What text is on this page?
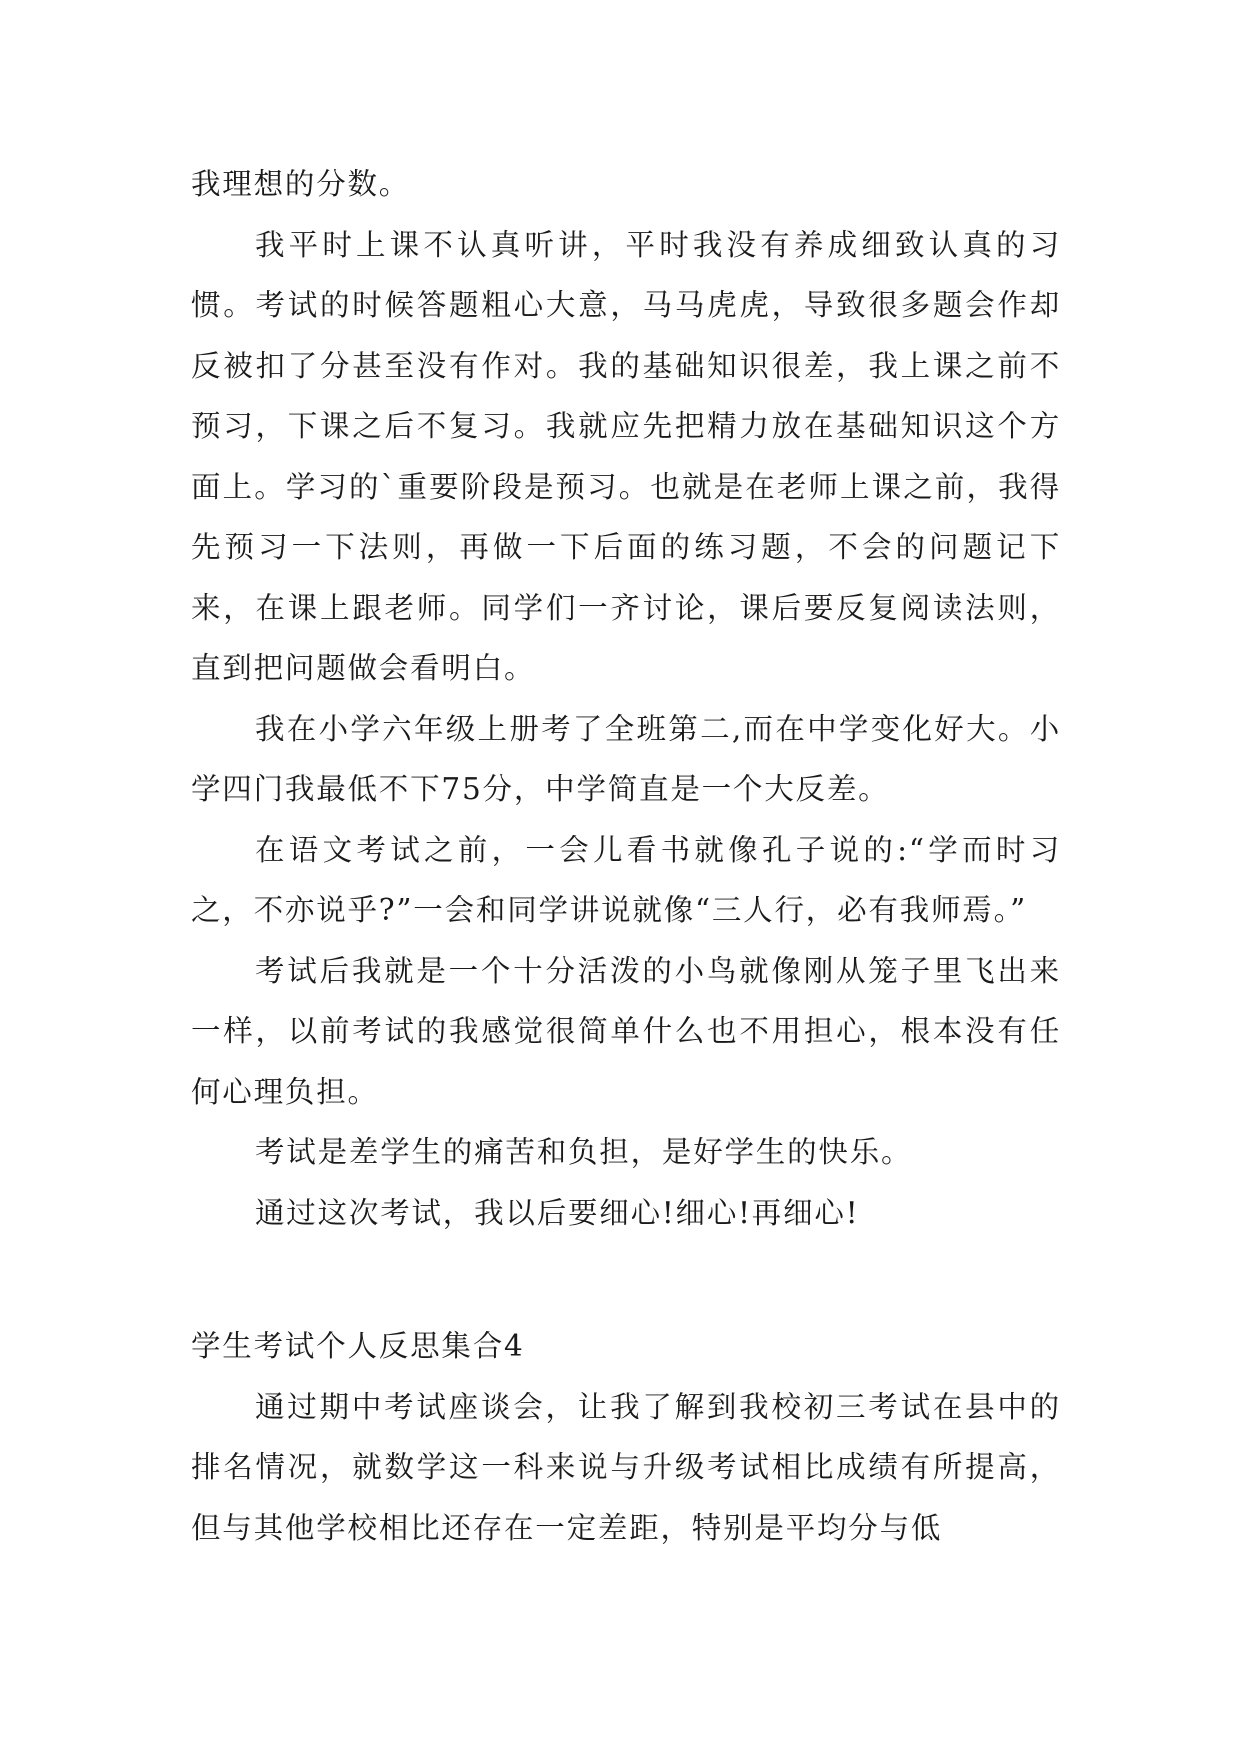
我理想的分数。

我平时上课不认真听讲，平时我没有养成细致认真的习惯。考试的时候答题粗心大意，马马虎虎，导致很多题会作却反被扣了分甚至没有作对。我的基础知识很差，我上课之前不预习，下课之后不复习。我就应先把精力放在基础知识这个方面上。学习的`重要阶段是预习。也就是在老师上课之前，我得先预习一下法则，再做一下后面的练习题，不会的问题记下来，在课上跟老师。同学们一齐讨论，课后要反复阅读法则，直到把问题做会看明白。

我在小学六年级上册考了全班第二,而在中学变化好大。小学四门我最低不下75分，中学简直是一个大反差。

在语文考试之前，一会儿看书就像孔子说的:“学而时习之，不亦说乎?”一会和同学讲说就像“三人行，必有我师焉。”

考试后我就是一个十分活泼的小鸟就像刚从笼子里飞出来一样，以前考试的我感觉很简单什么也不用担心，根本没有任何心理负担。

考试是差学生的痛苦和负担，是好学生的快乐。

通过这次考试，我以后要细心!细心!再细心!

学生考试个人反思集合4

通过期中考试座谈会，让我了解到我校初三考试在县中的排名情况，就数学这一科来说与升级考试相比成绩有所提高，但与其他学校相比还存在一定差距，特别是平均分与低
